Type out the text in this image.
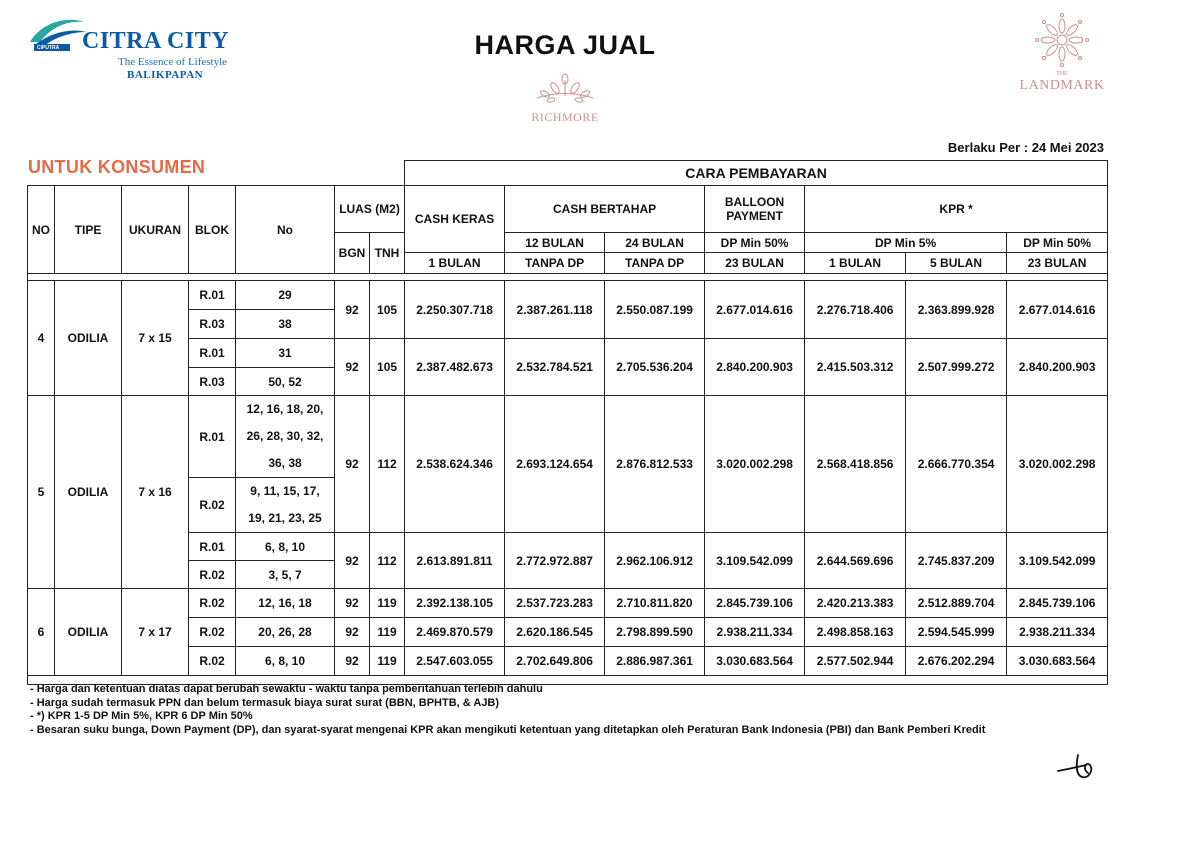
CIPUTRA CITRA CITY
The Essence of Lifestyle
BALIKPAPAN
HARGA JUAL
RICHMORE
THE
LANDMARK
Berlaku Per : 24 Mei 2023
UNTUK KONSUMEN
							CARA PEMBAYARAN						
NO	TIPE	UKURAN	BLOK	No	LUAS (M2)		CASH KERAS	CASH BERTAHAP		BALLOON PAYMENT	KPR *		
					BGN	TNH		12 BULAN	24 BULAN	DP Min 50%	DP Min 5%		DP Min 50%
							1 BULAN	TANPA DP	TANPA DP	23 BULAN	1 BULAN	5 BULAN	23 BULAN

4	ODILIA	7 x 15	R.01	29	92	105	2.250.307.718	2.387.261.118	2.550.087.199	2.677.014.616	2.276.718.406	2.363.899.928	2.677.014.616
			R.03	38									
			R.01	31	92	105	2.387.482.673	2.532.784.521	2.705.536.204	2.840.200.903	2.415.503.312	2.507.999.272	2.840.200.903
			R.03	50, 52									
5	ODILIA	7 x 16	R.01	12, 16, 18, 20,
26, 28, 30, 32,
36, 38	92	112	2.538.624.346	2.693.124.654	2.876.812.533	3.020.002.298	2.568.418.856	2.666.770.354	3.020.002.298
			R.02	9, 11, 15, 17,
19, 21, 23, 25									

			R.01	6, 8, 10	92	112	2.613.891.811	2.772.972.887	2.962.106.912	3.109.542.099	2.644.569.696	2.745.837.209	3.109.542.099
			R.02	3, 5, 7									
6	ODILIA	7 x 17	R.02	12, 16, 18	92	119	2.392.138.105	2.537.723.283	2.710.811.820	2.845.739.106	2.420.213.383	2.512.889.704	2.845.739.106
			R.02	20, 26, 28	92	119	2.469.870.579	2.620.186.545	2.798.899.590	2.938.211.334	2.498.858.163	2.594.545.999	2.938.211.334
			R.02	6, 8, 10	92	119	2.547.603.055	2.702.649.806	2.886.987.361	3.030.683.564	2.577.502.944	2.676.202.294	3.030.683.564

- Harga dan ketentuan diatas dapat berubah sewaktu - waktu tanpa pemberitahuan terlebih dahulu
- Harga sudah termasuk PPN dan belum termasuk biaya surat surat (BBN, BPHTB, & AJB)
- *) KPR 1-5 DP Min 5%, KPR 6 DP Min 50%
- Besaran suku bunga, Down Payment (DP), dan syarat-syarat mengenai KPR akan mengikuti ketentuan yang ditetapkan oleh Peraturan Bank Indonesia (PBI) dan Bank Pemberi Kredit
